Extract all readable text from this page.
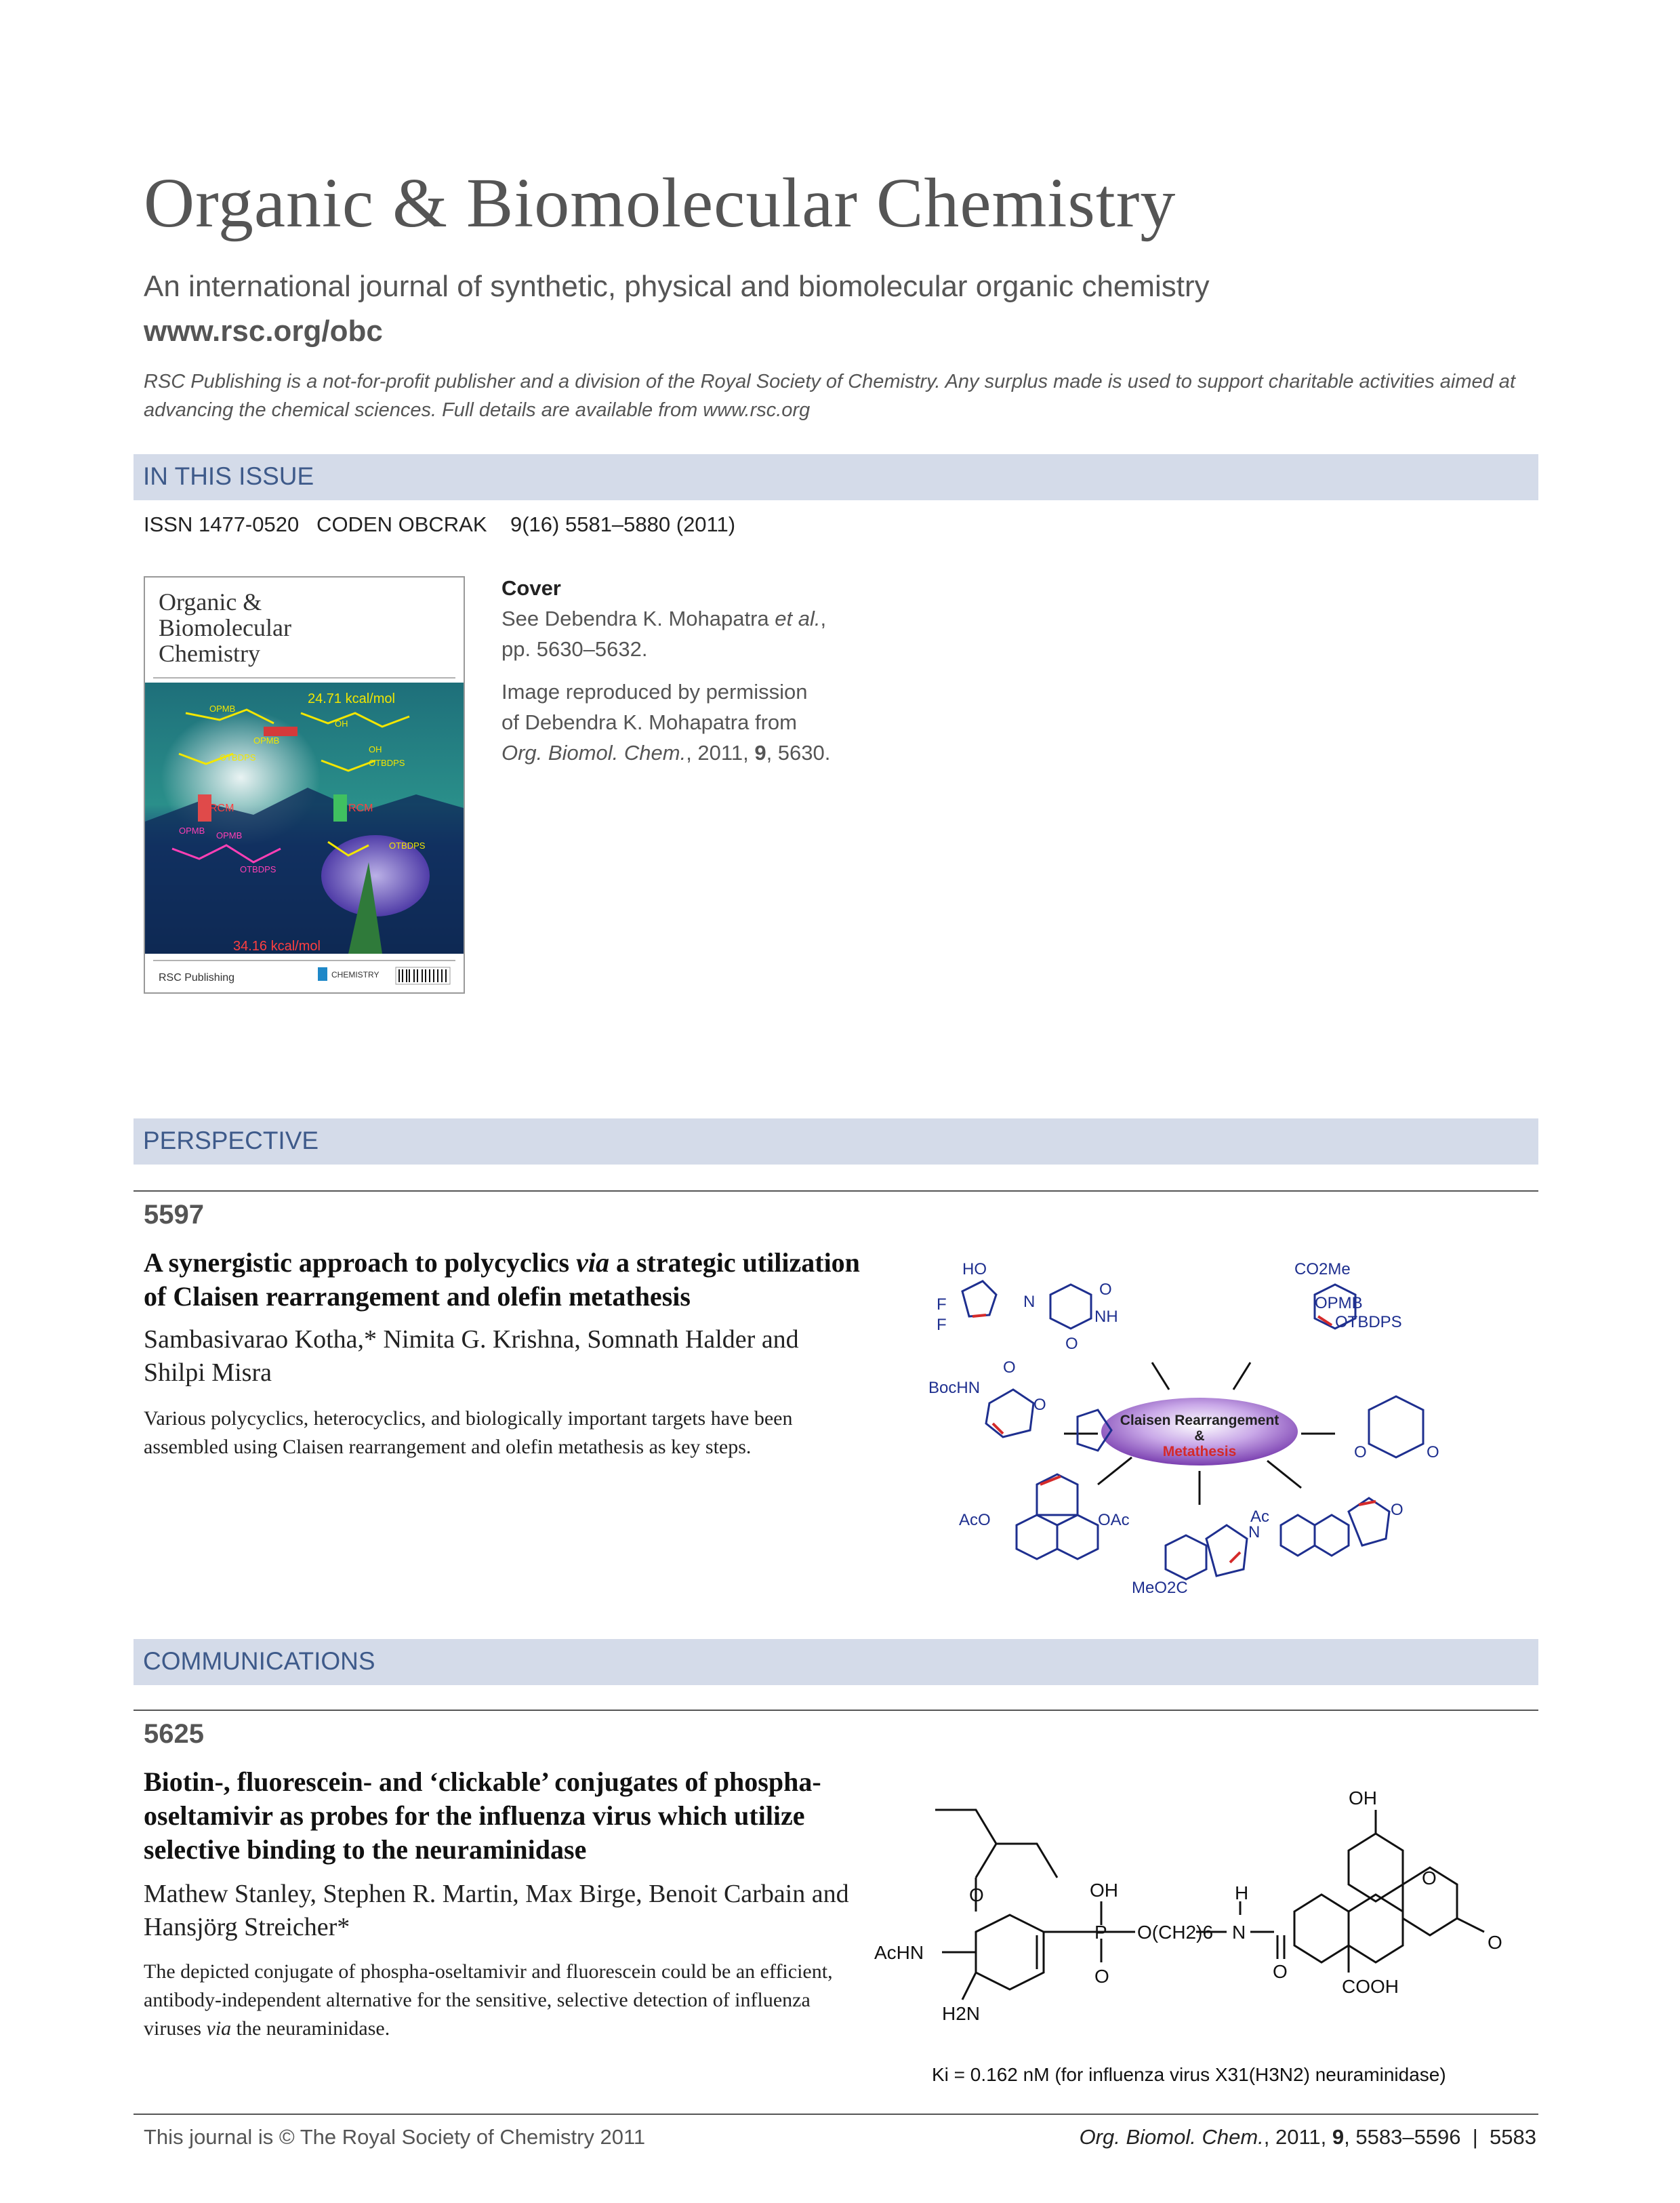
Organic & Biomolecular Chemistry
An international journal of synthetic, physical and biomolecular organic chemistry
www.rsc.org/obc
RSC Publishing is a not-for-profit publisher and a division of the Royal Society of Chemistry. Any surplus made is used to support charitable activities aimed at advancing the chemical sciences. Full details are available from www.rsc.org
IN THIS ISSUE
ISSN 1477-0520   CODEN OBCRAK    9(16) 5581–5880 (2011)
Organic &
Biomolecular
Chemistry
24.71 kcal/mol
34.16 kcal/mol
OPMB
OPMB
OTBDPS
OTBDPS
RCM	RCM
OPMB OPMB
OTBDPS
OTBDPS
OH
OH
RSC Publishing	CHEMISTRY
Cover
See Debendra K. Mohapatra et al.,
pp. 5630–5632.
Image reproduced by permission
of Debendra K. Mohapatra from
Org. Biomol. Chem., 2011, 9, 5630.
PERSPECTIVE
5597
A synergistic approach to polycyclics via a strategic utilization of Claisen rearrangement and olefin metathesis
Sambasivarao Kotha,* Nimita G. Krishna, Somnath Halder and Shilpi Misra
Various polycyclics, heterocyclics, and biologically important targets have been assembled using Claisen rearrangement and olefin metathesis as key steps.
Claisen Rearrangement
&
Metathesis
HO
F
F
N
NH
O
O
CO2Me
OPMB
OTBDPS
BocHN
O
O
O	O
AcO	OAc	Ac
N
MeO2C
O
COMMUNICATIONS
5625
Biotin-, fluorescein- and ‘clickable’ conjugates of phospha-oseltamivir as probes for the influenza virus which utilize selective binding to the neuraminidase
Mathew Stanley, Stephen R. Martin, Max Birge, Benoit Carbain and Hansjörg Streicher*
The depicted conjugate of phospha-oseltamivir and fluorescein could be an efficient, antibody-independent alternative for the sensitive, selective detection of influenza viruses via the neuraminidase.
OH
O
O
OH
P O(CH2)6
H
N
O	O
AcHN
H2N
COOH
O
Ki = 0.162 nM (for influenza virus X31(H3N2) neuraminidase)
This journal is © The Royal Society of Chemistry 2011	Org. Biomol. Chem., 2011, 9, 5583–5596  |  5583
